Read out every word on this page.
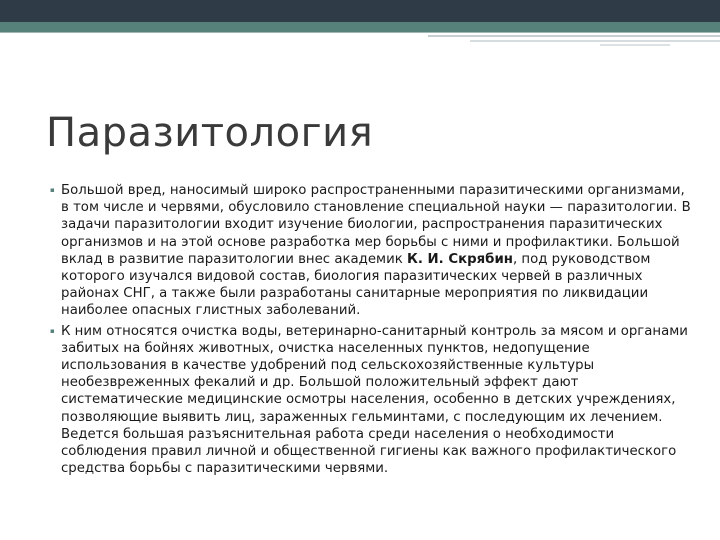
Паразитология
▪ Большой вред, наносимый широко распространенными паразитическими организмами, в том числе и червями, обусловило становление специальной науки — паразитологии. В задачи паразитологии входит изучение биологии, распространения паразитических организмов и на этой основе разработка мер борьбы с ними и профилактики. Большой вклад в развитие паразитологии внес академик К. И. Скрябин, под руководством которого изучался видовой состав, биология паразитических червей в различных районах СНГ, а также были разработаны санитарные мероприятия по ликвидации наиболее опасных глистных заболеваний.
▪ К ним относятся очистка воды, ветеринарно-санитарный контроль за мясом и органами забитых на бойнях животных, очистка населенных пунктов, недопущение использования в качестве удобрений под сельскохозяйственные культуры необезвреженных фекалий и др. Большой положительный эффект дают систематические медицинские осмотры населения, особенно в детских учреждениях, позволяющие выявить лиц, зараженных гельминтами, с последующим их лечением. Ведется большая разъяснительная работа среди населения о необходимости соблюдения правил личной и общественной гигиены как важного профилактического средства борьбы с паразитическими червями.
